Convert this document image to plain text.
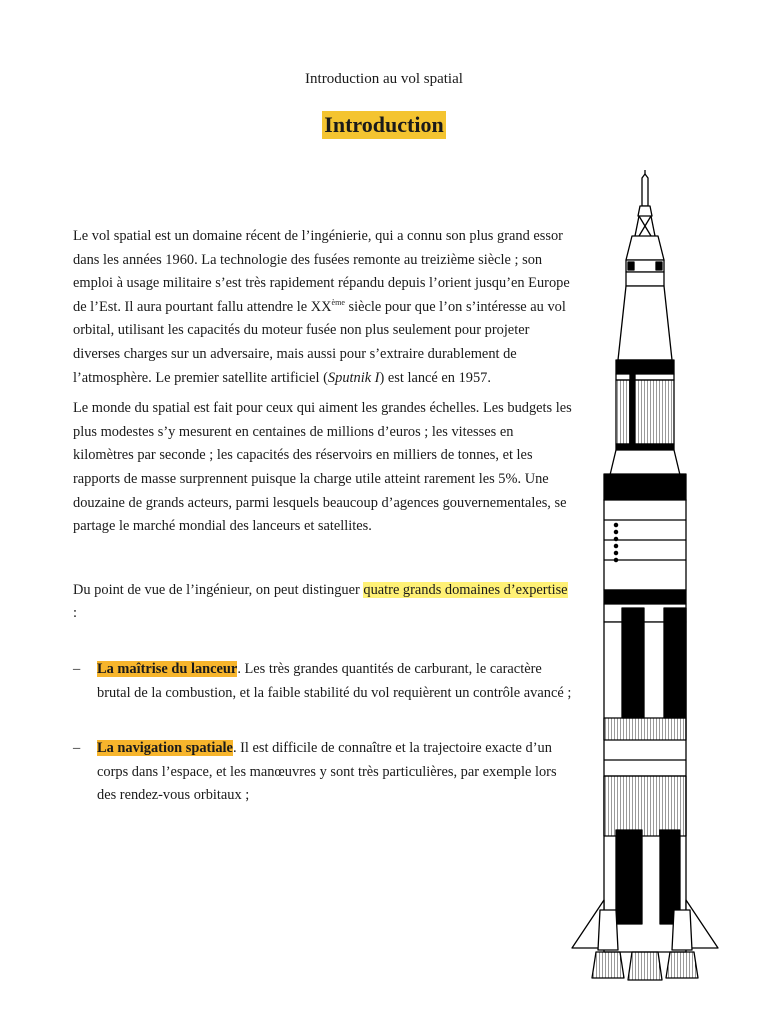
Introduction au vol spatial
Introduction

Le vol spatial est un domaine récent de l’ingénierie, qui a connu son plus grand essor dans les années 1960. La technologie des fusées remonte au treizième siècle ; son emploi à usage militaire s’est très rapidement répandu depuis l’orient jusqu’en Europe de l’Est. Il aura pourtant fallu attendre le XXème siècle pour que l’on s’intéresse au vol orbital, utilisant les capacités du moteur fusée non plus seulement pour projeter diverses charges sur un adversaire, mais aussi pour s’extraire durablement de l’atmosphère. Le premier satellite artificiel (Sputnik I) est lancé en 1957.

Le monde du spatial est fait pour ceux qui aiment les grandes échelles. Les budgets les plus modestes s’y mesurent en centaines de millions d’euros ; les vitesses en kilomètres par seconde ; les capacités des réservoirs en milliers de tonnes, et les rapports de masse surprennent puisque la charge utile atteint rarement les 5%. Une douzaine de grands acteurs, parmi lesquels beaucoup d’agences gouvernementales, se partage le marché mondial des lanceurs et satellites.

Du point de vue de l’ingénieur, on peut distinguer quatre grands domaines d’expertise :

– La maîtrise du lanceur. Les très grandes quantités de carburant, le caractère brutal de la combustion, et la faible stabilité du vol requièrent un contrôle avancé ;
– La navigation spatiale. Il est difficile de connaître et la trajectoire exacte d’un corps dans l’espace, et les manœuvres y sont très particulières, par exemple lors des rendez-vous orbitaux ;
